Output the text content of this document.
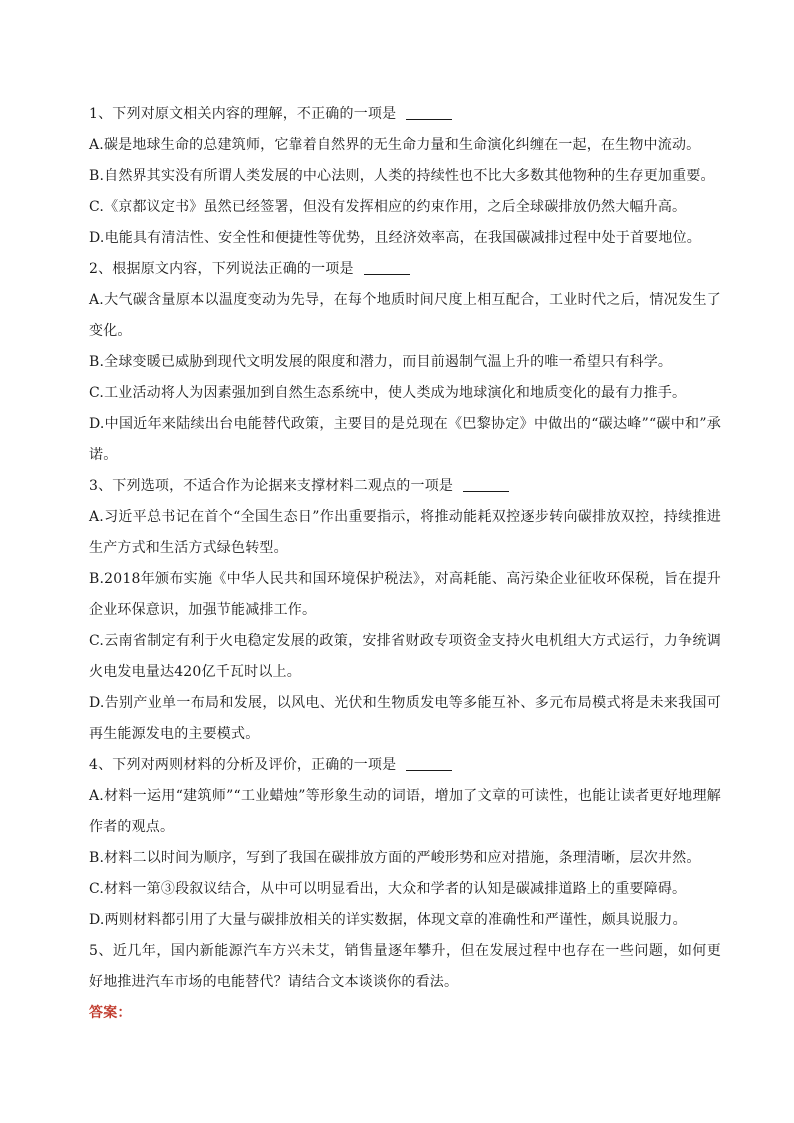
1、下列对原文相关内容的理解，不正确的一项是
A.碳是地球生命的总建筑师，它靠着自然界的无生命力量和生命演化纠缠在一起，在生物中流动。
B.自然界其实没有所谓人类发展的中心法则，人类的持续性也不比大多数其他物种的生存更加重要。
C.《京都议定书》虽然已经签署，但没有发挥相应的约束作用，之后全球碳排放仍然大幅升高。
D.电能具有清洁性、安全性和便捷性等优势，且经济效率高，在我国碳减排过程中处于首要地位。
2、根据原文内容，下列说法正确的一项是
A.大气碳含量原本以温度变动为先导，在每个地质时间尺度上相互配合，工业时代之后，情况发生了变化。
B.全球变暖已威胁到现代文明发展的限度和潜力，而目前遏制气温上升的唯一希望只有科学。
C.工业活动将人为因素强加到自然生态系统中，使人类成为地球演化和地质变化的最有力推手。
D.中国近年来陆续出台电能替代政策，主要目的是兑现在《巴黎协定》中做出的“碳达峰”“碳中和”承诺。
3、下列选项，不适合作为论据来支撑材料二观点的一项是
A.习近平总书记在首个“全国生态日”作出重要指示，将推动能耗双控逐步转向碳排放双控，持续推进生产方式和生活方式绿色转型。
B.2018年颁布实施《中华人民共和国环境保护税法》，对高耗能、高污染企业征收环保税，旨在提升企业环保意识，加强节能减排工作。
C.云南省制定有利于火电稳定发展的政策，安排省财政专项资金支持火电机组大方式运行，力争统调火电发电量达420亿千瓦时以上。
D.告别产业单一布局和发展，以风电、光伏和生物质发电等多能互补、多元布局模式将是未来我国可再生能源发电的主要模式。
4、下列对两则材料的分析及评价，正确的一项是
A.材料一运用“建筑师”“工业蜡烛”等形象生动的词语，增加了文章的可读性，也能让读者更好地理解作者的观点。
B.材料二以时间为顺序，写到了我国在碳排放方面的严峻形势和应对措施，条理清晰，层次井然。
C.材料一第③段叙议结合，从中可以明显看出，大众和学者的认知是碳减排道路上的重要障碍。
D.两则材料都引用了大量与碳排放相关的详实数据，体现文章的准确性和严谨性，颇具说服力。
5、近几年，国内新能源汽车方兴未艾，销售量逐年攀升，但在发展过程中也存在一些问题，如何更好地推进汽车市场的电能替代？请结合文本谈谈你的看法。
答案：
